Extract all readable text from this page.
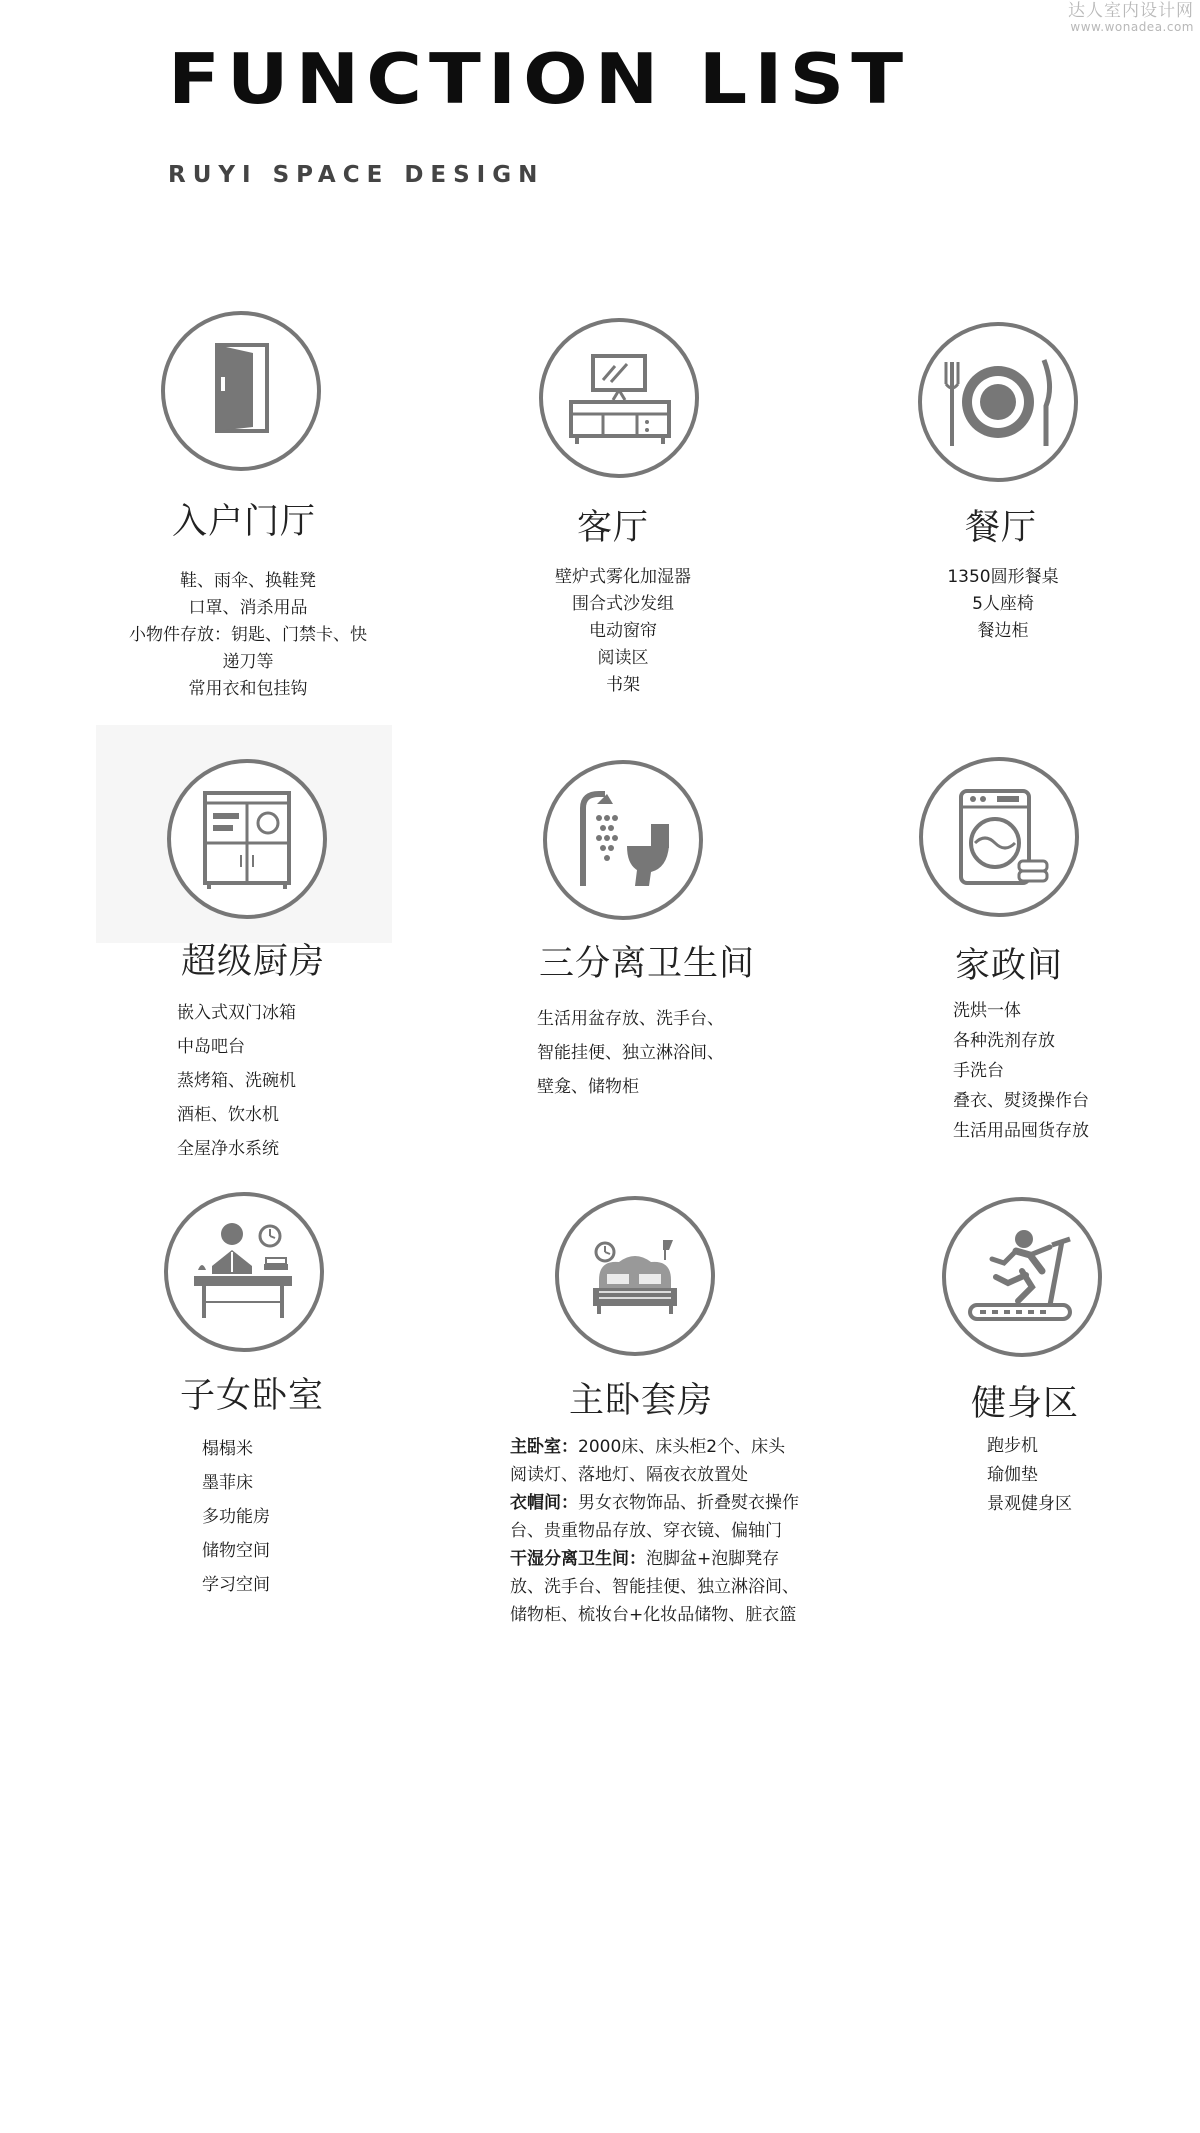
达人室内设计网
www.wonadea.com
FUNCTION LIST
RUYI SPACE DESIGN
入户门厅
鞋、雨伞、换鞋凳
口罩、消杀用品
小物件存放：钥匙、门禁卡、快
递刀等
常用衣和包挂钩
客厅
壁炉式雾化加湿器
围合式沙发组
电动窗帘
阅读区
书架
餐厅
1350圆形餐桌
5人座椅
餐边柜
超级厨房
嵌入式双门冰箱
中岛吧台
蒸烤箱、洗碗机
酒柜、饮水机
全屋净水系统
三分离卫生间
生活用盆存放、洗手台、
智能挂便、独立淋浴间、
壁龛、储物柜
家政间
洗烘一体
各种洗剂存放
手洗台
叠衣、熨烫操作台
生活用品囤货存放
子女卧室
榻榻米
墨菲床
多功能房
储物空间
学习空间
主卧套房
主卧室：2000床、床头柜2个、床头阅读灯、落地灯、隔夜衣放置处
衣帽间：男女衣物饰品、折叠熨衣操作台、贵重物品存放、穿衣镜、偏轴门
干湿分离卫生间：泡脚盆+泡脚凳存放、洗手台、智能挂便、独立淋浴间、储物柜、梳妆台+化妆品储物、脏衣篮
健身区
跑步机
瑜伽垫
景观健身区
